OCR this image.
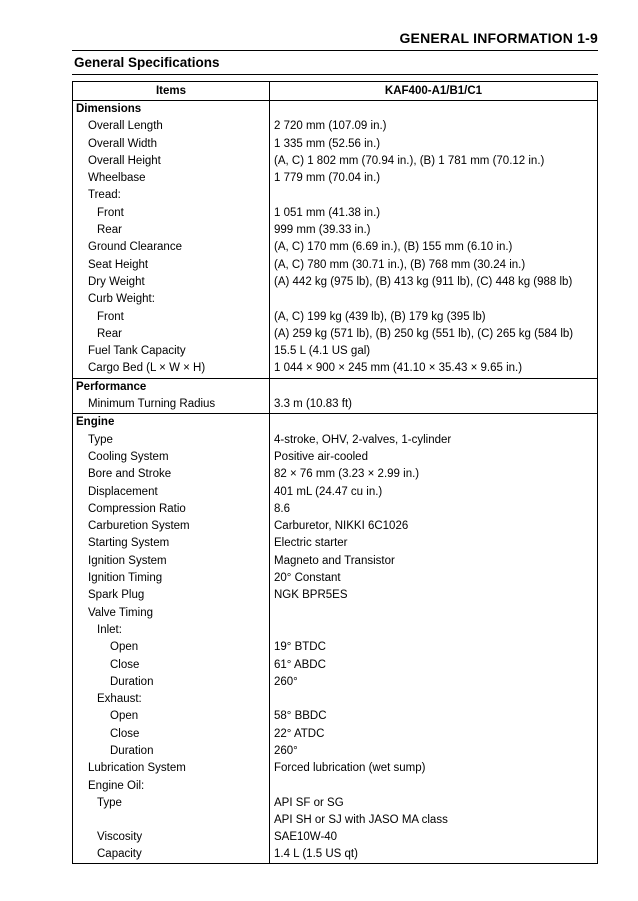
GENERAL INFORMATION 1-9
General Specifications
Items	KAF400-A1/B1/C1

Dimensions	

Overall Length	2 720 mm (107.09 in.)

Overall Width	1 335 mm (52.56 in.)

Overall Height	(A, C) 1 802 mm (70.94 in.), (B) 1 781 mm (70.12 in.)

Wheelbase	1 779 mm (70.04 in.)

Tread:	

Front	1 051 mm (41.38 in.)

Rear	999 mm (39.33 in.)

Ground Clearance	(A, C) 170 mm (6.69 in.), (B) 155 mm (6.10 in.)

Seat Height	(A, C) 780 mm (30.71 in.), (B) 768 mm (30.24 in.)

Dry Weight	(A) 442 kg (975 lb), (B) 413 kg (911 lb), (C) 448 kg (988 lb)

Curb Weight:	

Front	(A, C) 199 kg (439 lb), (B) 179 kg (395 lb)

Rear	(A) 259 kg (571 lb), (B) 250 kg (551 lb), (C) 265 kg (584 lb)

Fuel Tank Capacity	15.5 L (4.1 US gal)

Cargo Bed (L × W × H)	1 044 × 900 × 245 mm (41.10 × 35.43 × 9.65 in.)

Performance	

Minimum Turning Radius	3.3 m (10.83 ft)

Engine	

Type	4-stroke, OHV, 2-valves, 1-cylinder

Cooling System	Positive air-cooled

Bore and Stroke	82 × 76 mm (3.23 × 2.99 in.)

Displacement	401 mL (24.47 cu in.)

Compression Ratio	8.6

Carburetion System	Carburetor, NIKKI 6C1026

Starting System	Electric starter

Ignition System	Magneto and Transistor

Ignition Timing	20° Constant

Spark Plug	NGK BPR5ES

Valve Timing	

Inlet:	

Open	19° BTDC

Close	61° ABDC

Duration	260°

Exhaust:	

Open	58° BBDC

Close	22° ATDC

Duration	260°

Lubrication System	Forced lubrication (wet sump)

Engine Oil:	

Type	API SF or SG
API SH or SJ with JASO MA class

Viscosity	SAE10W-40

Capacity	1.4 L (1.5 US qt)
